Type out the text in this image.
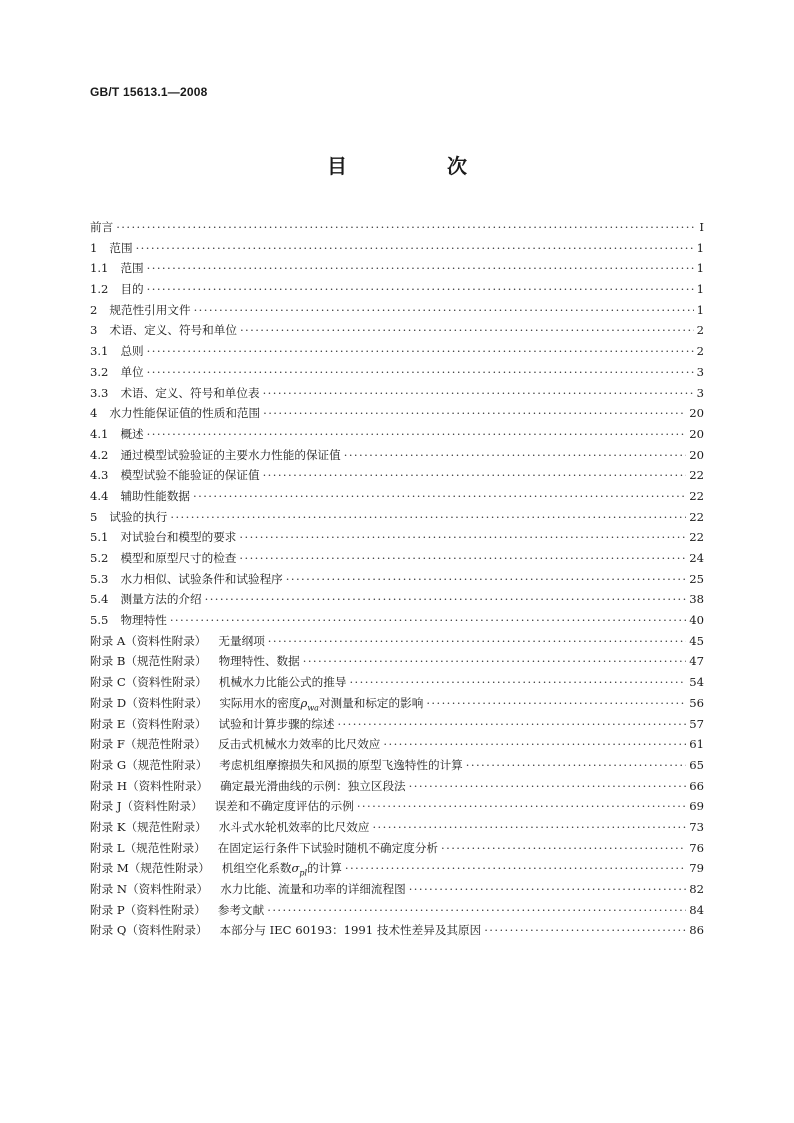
GB/T 15613.1—2008
目　次
前言 ·····	Ⅰ
1 范围 ·····	1
1.1 范围 ·····	1
1.2 目的 ·····	1
2 规范性引用文件 ·····	1
3 术语、定义、符号和单位 ·····	2
3.1 总则 ·····	2
3.2 单位 ·····	3
3.3 术语、定义、符号和单位表 ·····	3
4 水力性能保证值的性质和范围 ·····	20
4.1 概述 ·····	20
4.2 通过模型试验验证的主要水力性能的保证值 ·····	20
4.3 模型试验不能验证的保证值 ·····	22
4.4 辅助性能数据 ·····	22
5 试验的执行 ·····	22
5.1 对试验台和模型的要求 ·····	22
5.2 模型和原型尺寸的检查 ·····	24
5.3 水力相似、试验条件和试验程序 ·····	25
5.4 测量方法的介绍 ·····	38
5.5 物理特性 ·····	40
附录 A（资料性附录） 无量纲项 ·····	45
附录 B（规范性附录） 物理特性、数据 ·····	47
附录 C（资料性附录） 机械水力比能公式的推导 ·····	54
附录 D（资料性附录） 实际用水的密度$\rho_{wa}$对测量和标定的影响 ·····	56
附录 E（资料性附录） 试验和计算步骤的综述 ·····	57
附录 F（规范性附录） 反击式机械水力效率的比尺效应 ·····	61
附录 G（规范性附录） 考虑机组摩擦损失和风损的原型飞逸特性的计算 ·····	65
附录 H（资料性附录） 确定最光滑曲线的示例：独立区段法 ·····	66
附录 J（资料性附录） 误差和不确定度评估的示例 ·····	69
附录 K（规范性附录） 水斗式水轮机效率的比尺效应 ·····	73
附录 L（规范性附录） 在固定运行条件下试验时随机不确定度分析 ·····	76
附录 M（规范性附录） 机组空化系数$\sigma_{pl}$的计算 ·····	79
附录 N（资料性附录） 水力比能、流量和功率的详细流程图 ·····	82
附录 P（资料性附录） 参考文献 ·····	84
附录 Q（资料性附录） 本部分与 IEC 60193：1991 技术性差异及其原因 ·····	86
